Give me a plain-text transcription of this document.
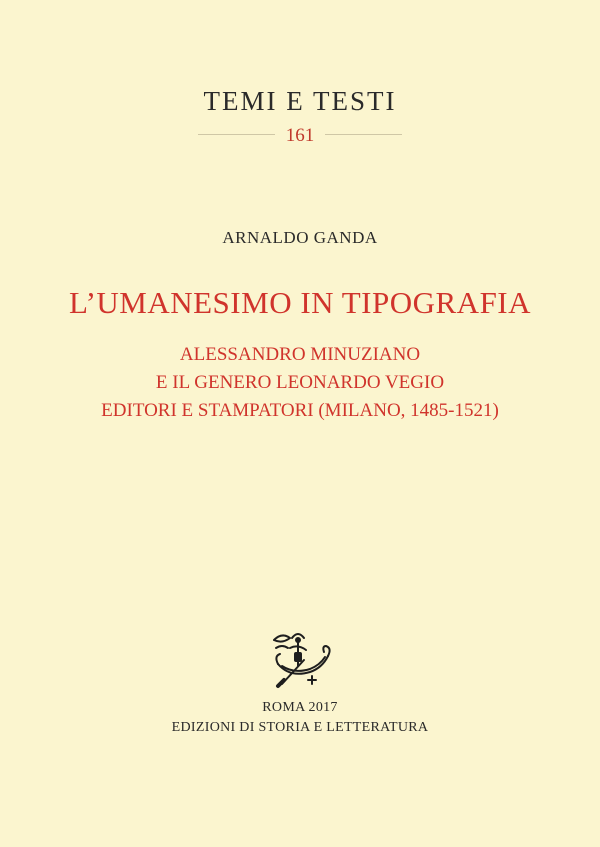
TEMI E TESTI
161
ARNALDO GANDA
L’UMANESIMO IN TIPOGRAFIA
ALESSANDRO MINUZIANO
E IL GENERO LEONARDO VEGIO
EDITORI E STAMPATORI (MILANO, 1485-1521)
ROMA 2017
EDIZIONI DI STORIA E LETTERATURA
